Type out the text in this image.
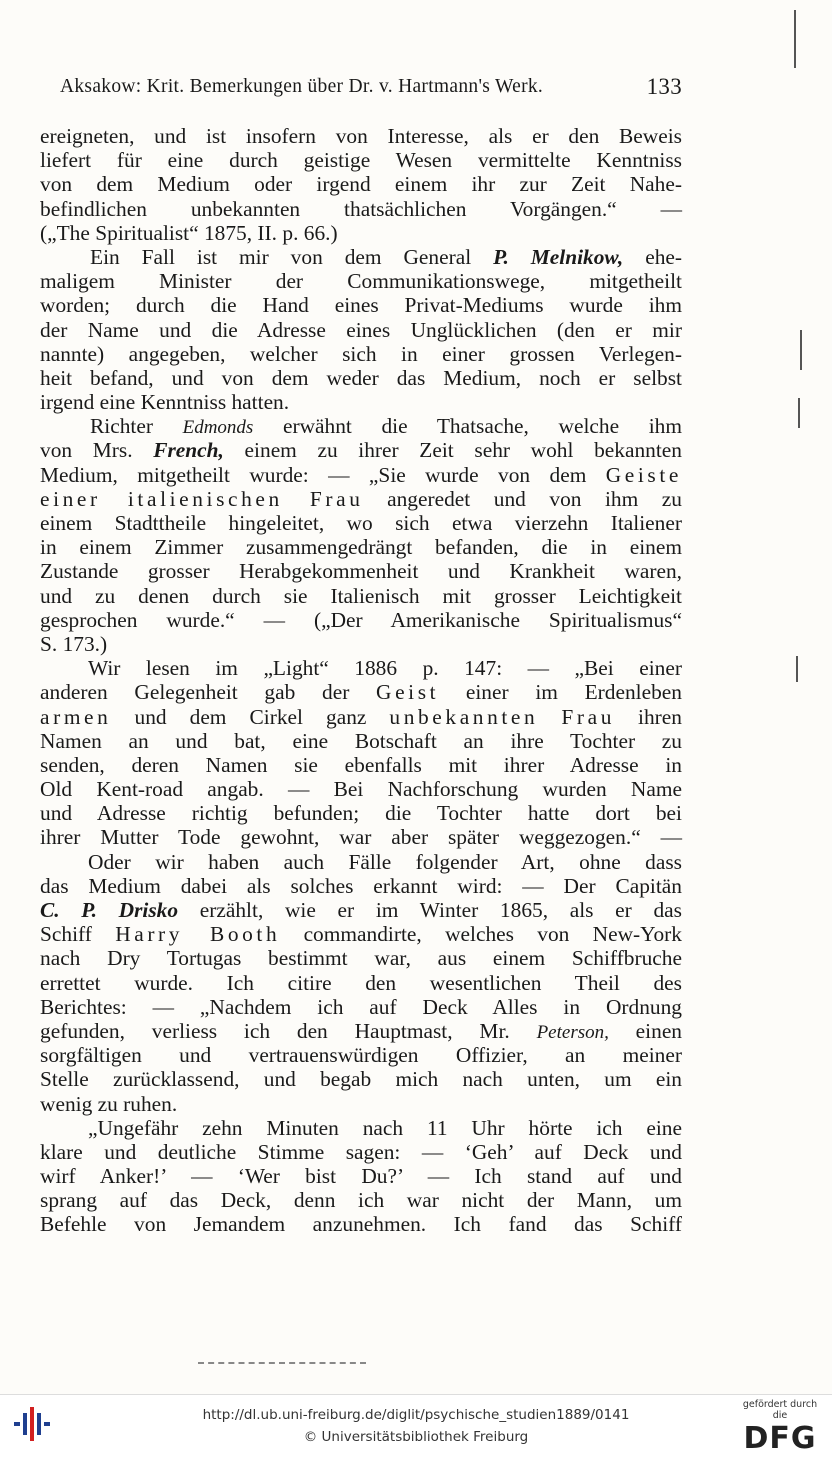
Aksakow: Krit. Bemerkungen über Dr. v. Hartmann's Werk.	133
ereigneten, und ist insofern von Interesse, als er den Beweis
liefert für eine durch geistige Wesen vermittelte Kenntniss
von dem Medium oder irgend einem ihr zur Zeit Nahe-
befindlichen unbekannten thatsächlichen Vorgängen.“ —
(„The Spiritualist“ 1875, II. p. 66.)
Ein Fall ist mir von dem General P. Melnikow, ehe-
maligem Minister der Communikationswege, mitgetheilt
worden; durch die Hand eines Privat-Mediums wurde ihm
der Name und die Adresse eines Unglücklichen (den er mir
nannte) angegeben, welcher sich in einer grossen Verlegen-
heit befand, und von dem weder das Medium, noch er selbst
irgend eine Kenntniss hatten.
Richter Edmonds erwähnt die Thatsache, welche ihm
von Mrs. French, einem zu ihrer Zeit sehr wohl bekannten
Medium, mitgetheilt wurde: — „Sie wurde von dem Geiste
einer italienischen Frau angeredet und von ihm zu
einem Stadttheile hingeleitet, wo sich etwa vierzehn Italiener
in einem Zimmer zusammengedrängt befanden, die in einem
Zustande grosser Herabgekommenheit und Krankheit waren,
und zu denen durch sie Italienisch mit grosser Leichtigkeit
gesprochen wurde.“ — („Der Amerikanische Spiritualismus“
S. 173.)
Wir lesen im „Light“ 1886 p. 147: — „Bei einer
anderen Gelegenheit gab der Geist einer im Erdenleben
armen und dem Cirkel ganz unbekannten Frau ihren
Namen an und bat, eine Botschaft an ihre Tochter zu
senden, deren Namen sie ebenfalls mit ihrer Adresse in
Old Kent-road angab. — Bei Nachforschung wurden Name
und Adresse richtig befunden; die Tochter hatte dort bei
ihrer Mutter Tode gewohnt, war aber später weggezogen.“ —
Oder wir haben auch Fälle folgender Art, ohne dass
das Medium dabei als solches erkannt wird: — Der Capitän
C. P. Drisko erzählt, wie er im Winter 1865, als er das
Schiff Harry Booth commandirte, welches von New-York
nach Dry Tortugas bestimmt war, aus einem Schiffbruche
errettet wurde. Ich citire den wesentlichen Theil des
Berichtes: — „Nachdem ich auf Deck Alles in Ordnung
gefunden, verliess ich den Hauptmast, Mr. Peterson, einen
sorgfältigen und vertrauenswürdigen Offizier, an meiner
Stelle zurücklassend, und begab mich nach unten, um ein
wenig zu ruhen.
„Ungefähr zehn Minuten nach 11 Uhr hörte ich eine
klare und deutliche Stimme sagen: — ‘Geh’ auf Deck und
wirf Anker!’ — ‘Wer bist Du?’ — Ich stand auf und
sprang auf das Deck, denn ich war nicht der Mann, um
Befehle von Jemandem anzunehmen. Ich fand das Schiff
http://dl.ub.uni-freiburg.de/diglit/psychische_studien1889/0141
© Universitätsbibliothek Freiburg
gefördert durch die
DFG
